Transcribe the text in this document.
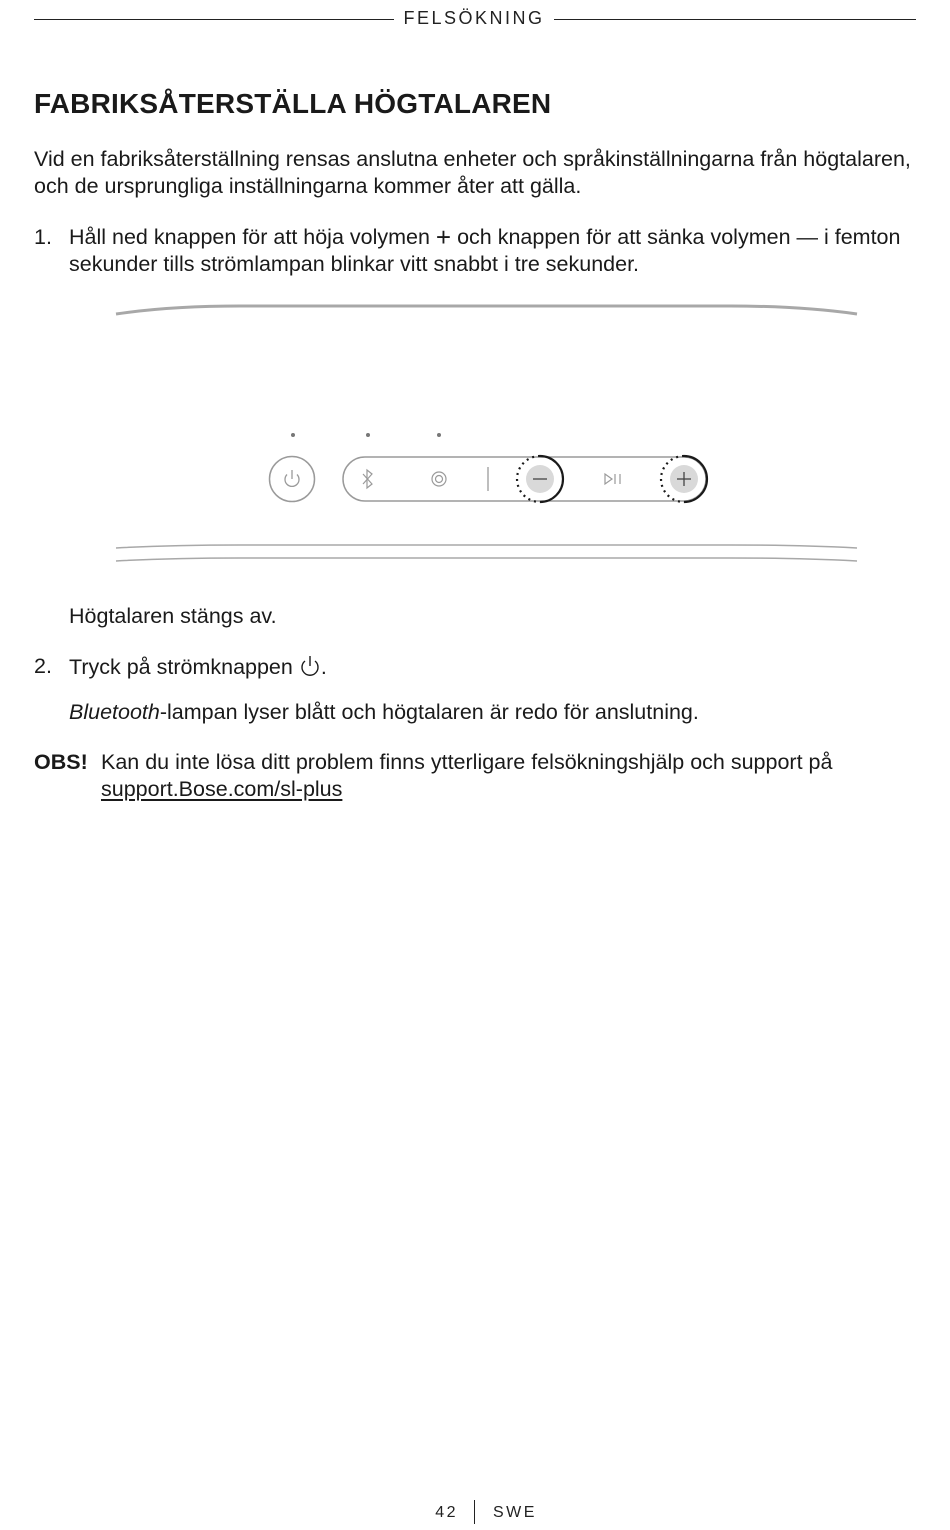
FELSÖKNING
FABRIKSÅTERSTÄLLA HÖGTALAREN

Vid en fabriksåterställning rensas anslutna enheter och språkinställningarna från högtalaren, och de ursprungliga inställningarna kommer åter att gälla.

1. Håll ned knappen för att höja volymen + och knappen för att sänka volymen — i femton sekunder tills strömlampan blinkar vitt snabbt i tre sekunder.
Högtalaren stängs av.
2. Tryck på strömknappen .
Bluetooth-lampan lyser blått och högtalaren är redo för anslutning.
OBS! Kan du inte lösa ditt problem finns ytterligare felsökningshjälp och support på support.Bose.com/sl-plus
42 SWE
